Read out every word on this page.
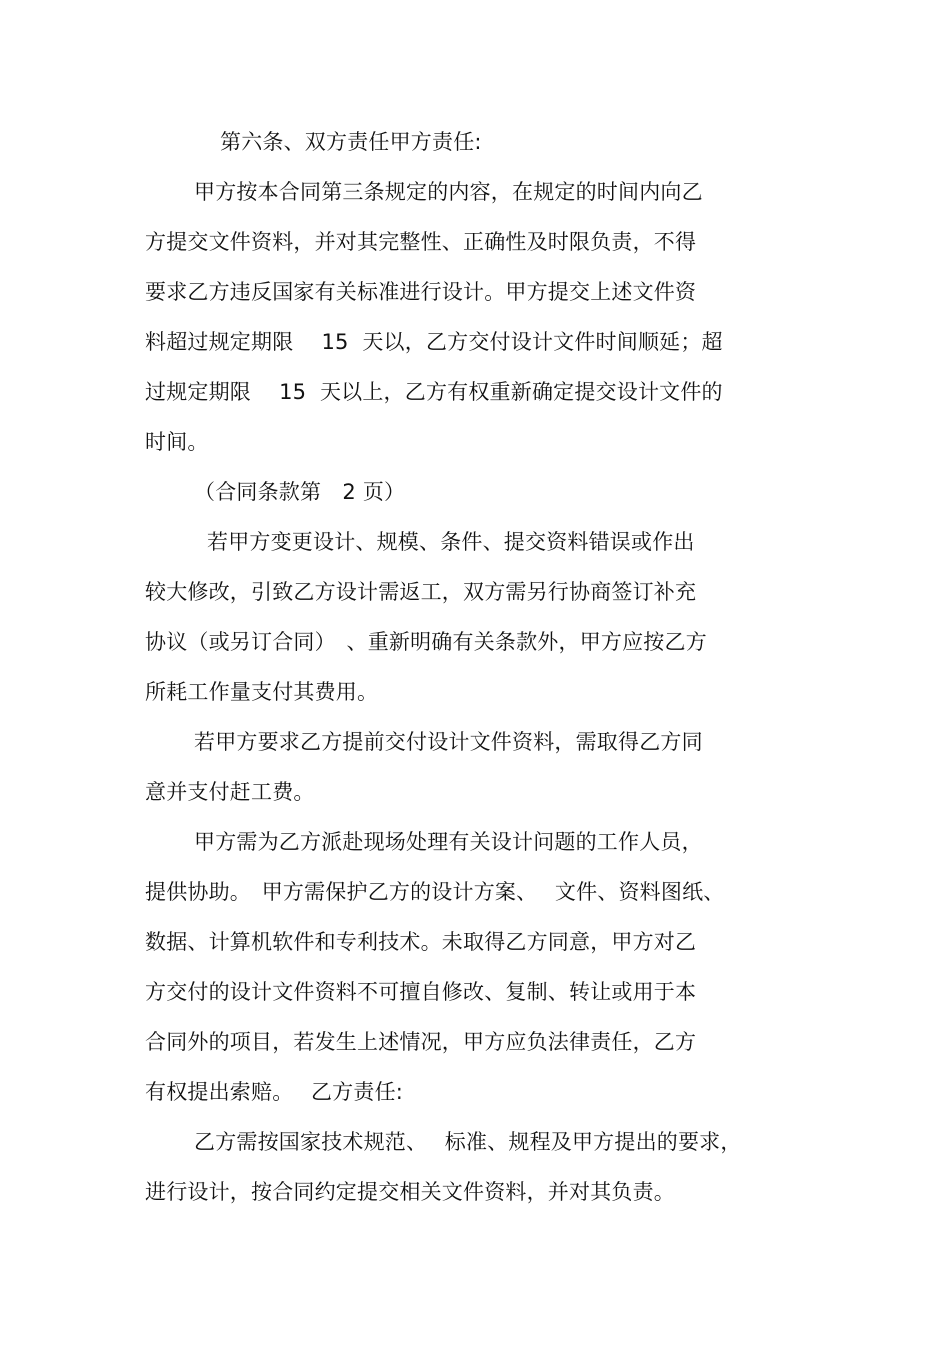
第六条、双方责任甲方责任:
甲方按本合同第三条规定的内容，在规定的时间内向乙
方提交文件资料，并对其完整性、正确性及时限负责，不得
要求乙方违反国家有关标准进行设计。甲方提交上述文件资
料超过规定期限　 15  天以，乙方交付设计文件时间顺延；超
过规定期限　 15  天以上，乙方有权重新确定提交设计文件的
时间。
（合同条款第　2 页）
若甲方变更设计、规模、条件、提交资料错误或作出
较大修改，引致乙方设计需返工，双方需另行协商签订补充
协议（或另订合同）　、重新明确有关条款外，甲方应按乙方
所耗工作量支付其费用。
若甲方要求乙方提前交付设计文件资料，需取得乙方同
意并支付赶工费。
甲方需为乙方派赴现场处理有关设计问题的工作人员，
提供协助。　甲方需保护乙方的设计方案、　 文件、资料图纸、
数据、计算机软件和专利技术。未取得乙方同意，甲方对乙
方交付的设计文件资料不可擅自修改、复制、转让或用于本
合同外的项目，若发生上述情况，甲方应负法律责任，乙方
有权提出索赔。　 乙方责任:
乙方需按国家技术规范、　 标准、规程及甲方提出的要求，
进行设计，按合同约定提交相关文件资料，并对其负责。
